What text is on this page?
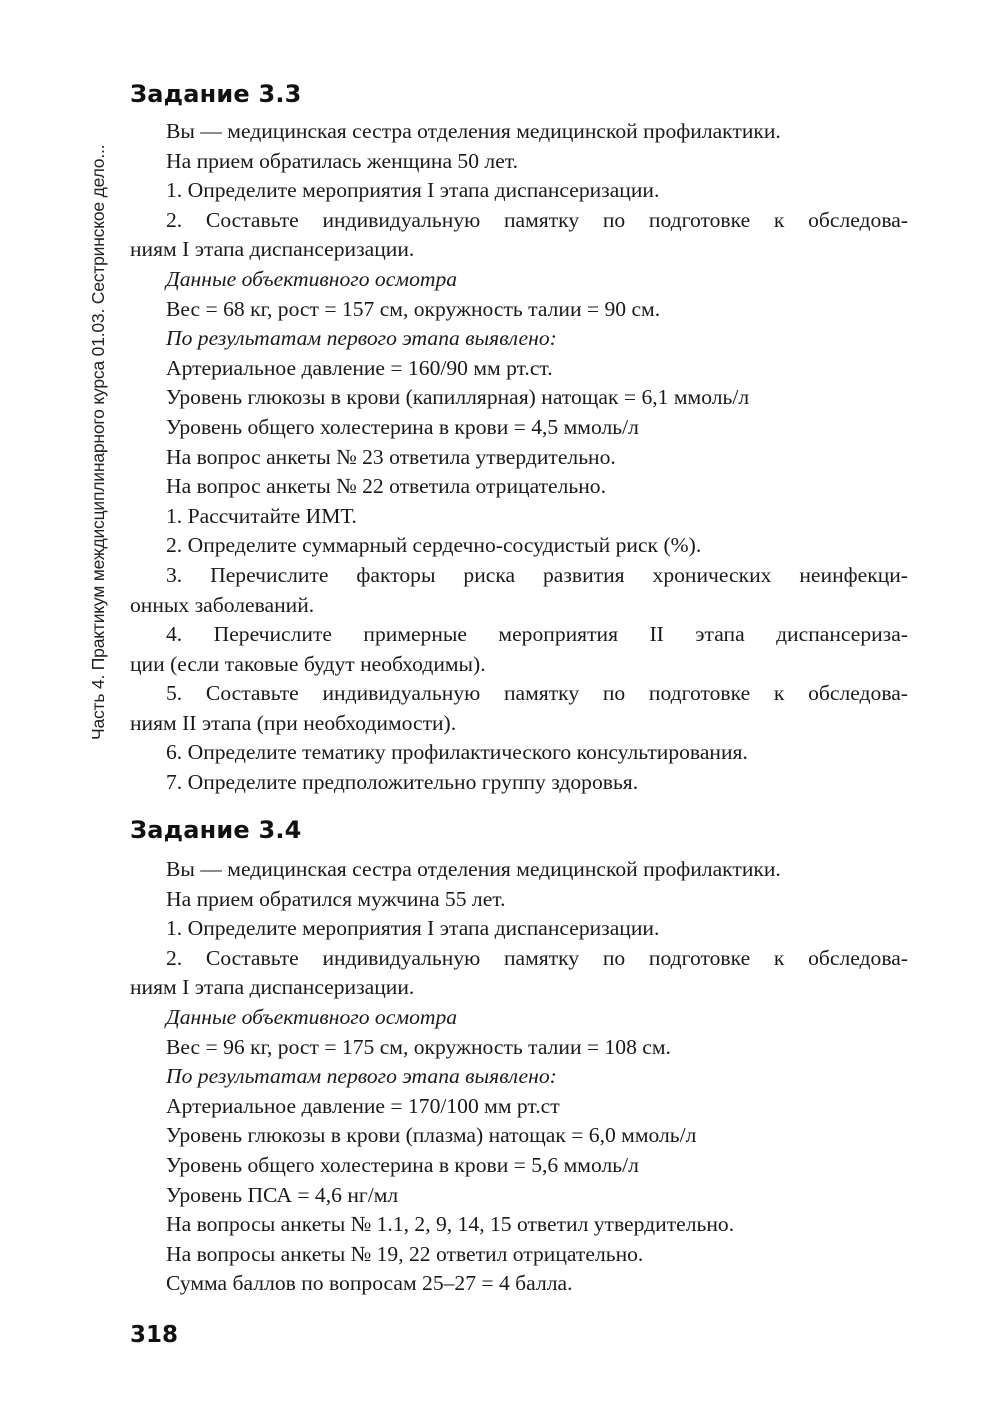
Часть 4. Практикум междисциплинарного курса 01.03. Сестринское дело...
Задание 3.3

Вы — медицинская сестра отделения медицинской профилактики.

На прием обратилась женщина 50 лет.

1. Определите мероприятия I этапа диспансеризации.

2. Составьте индивидуальную памятку по подготовке к обследова-

ниям I этапа диспансеризации.

Данные объективного осмотра

Вес = 68 кг, рост = 157 см, окружность талии = 90 см.

По результатам первого этапа выявлено:

Артериальное давление = 160/90 мм рт.ст.

Уровень глюкозы в крови (капиллярная) натощак = 6,1 ммоль/л

Уровень общего холестерина в крови = 4,5 ммоль/л

На вопрос анкеты № 23 ответила утвердительно.

На вопрос анкеты № 22 ответила отрицательно.

1. Рассчитайте ИМТ.

2. Определите суммарный сердечно-сосудистый риск (%).

3. Перечислите факторы риска развития хронических неинфекци-

онных заболеваний.

4. Перечислите примерные мероприятия II этапа диспансеризa-

ции (если таковые будут необходимы).

5. Составьте индивидуальную памятку по подготовке к обследова-

ниям II этапа (при необходимости).

6. Определите тематику профилактического консультирования.

7. Определите предположительно группу здоровья.

Задание 3.4

Вы — медицинская сестра отделения медицинской профилактики.

На прием обратился мужчина 55 лет.

1. Определите мероприятия I этапа диспансеризации.

2. Составьте индивидуальную памятку по подготовке к обследова-

ниям I этапа диспансеризации.

Данные объективного осмотра

Вес = 96 кг, рост = 175 см, окружность талии = 108 см.

По результатам первого этапа выявлено:

Артериальное давление = 170/100 мм рт.ст

Уровень глюкозы в крови (плазма) натощак = 6,0 ммоль/л

Уровень общего холестерина в крови = 5,6 ммоль/л

Уровень ПСА = 4,6 нг/мл

На вопросы анкеты № 1.1, 2, 9, 14, 15 ответил утвердительно.

На вопросы анкеты № 19, 22 ответил отрицательно.

Сумма баллов по вопросам 25–27 = 4 балла.

318
